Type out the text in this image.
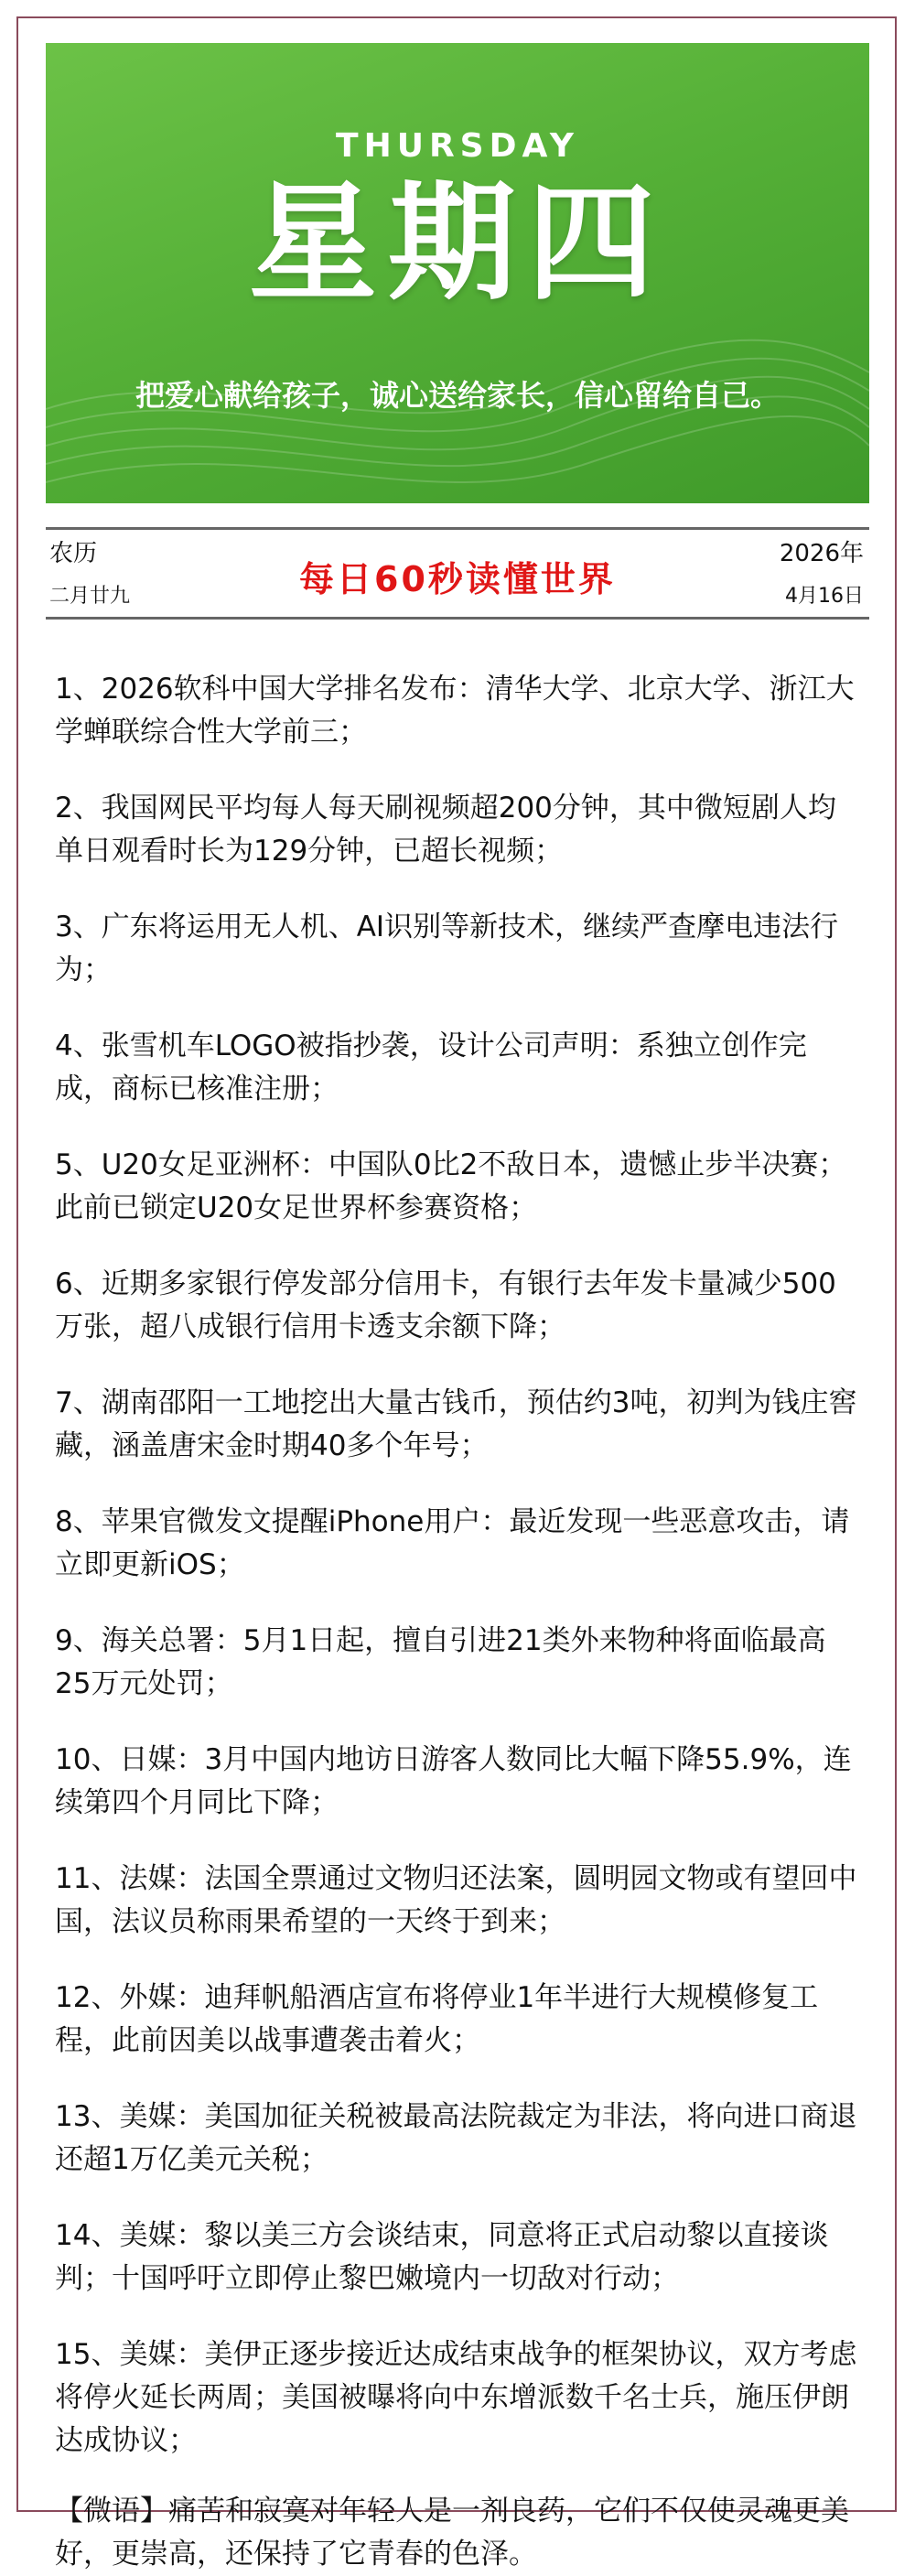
THURSDAY
星期四
把爱心献给孩子，诚心送给家长，信心留给自己。
农历
二月廿九	每日60秒读懂世界
2026年
4月16日
1、2026软科中国大学排名发布：清华大学、北京大学、浙江大学蝉联综合性大学前三；
2、我国网民平均每人每天刷视频超200分钟，其中微短剧人均单日观看时长为129分钟，已超长视频；
3、广东将运用无人机、AI识别等新技术，继续严查摩电违法行为；
4、张雪机车LOGO被指抄袭，设计公司声明：系独立创作完成，商标已核准注册；
5、U20女足亚洲杯：中国队0比2不敌日本，遗憾止步半决赛；此前已锁定U20女足世界杯参赛资格；
6、近期多家银行停发部分信用卡，有银行去年发卡量减少500万张，超八成银行信用卡透支余额下降；
7、湖南邵阳一工地挖出大量古钱币，预估约3吨，初判为钱庄窖藏，涵盖唐宋金时期40多个年号；
8、苹果官微发文提醒iPhone用户：最近发现一些恶意攻击，请立即更新iOS；
9、海关总署：5月1日起，擅自引进21类外来物种将面临最高25万元处罚；
10、日媒：3月中国内地访日游客人数同比大幅下降55.9%，连续第四个月同比下降；
11、法媒：法国全票通过文物归还法案，圆明园文物或有望回中国，法议员称雨果希望的一天终于到来；
12、外媒：迪拜帆船酒店宣布将停业1年半进行大规模修复工程，此前因美以战事遭袭击着火；
13、美媒：美国加征关税被最高法院裁定为非法，将向进口商退还超1万亿美元关税；
14、美媒：黎以美三方会谈结束，同意将正式启动黎以直接谈判；十国呼吁立即停止黎巴嫩境内一切敌对行动；
15、美媒：美伊正逐步接近达成结束战争的框架协议，双方考虑将停火延长两周；美国被曝将向中东增派数千名士兵，施压伊朗达成协议；
【微语】痛苦和寂寞对年轻人是一剂良药，它们不仅使灵魂更美好，更崇高，还保持了它青春的色泽。
